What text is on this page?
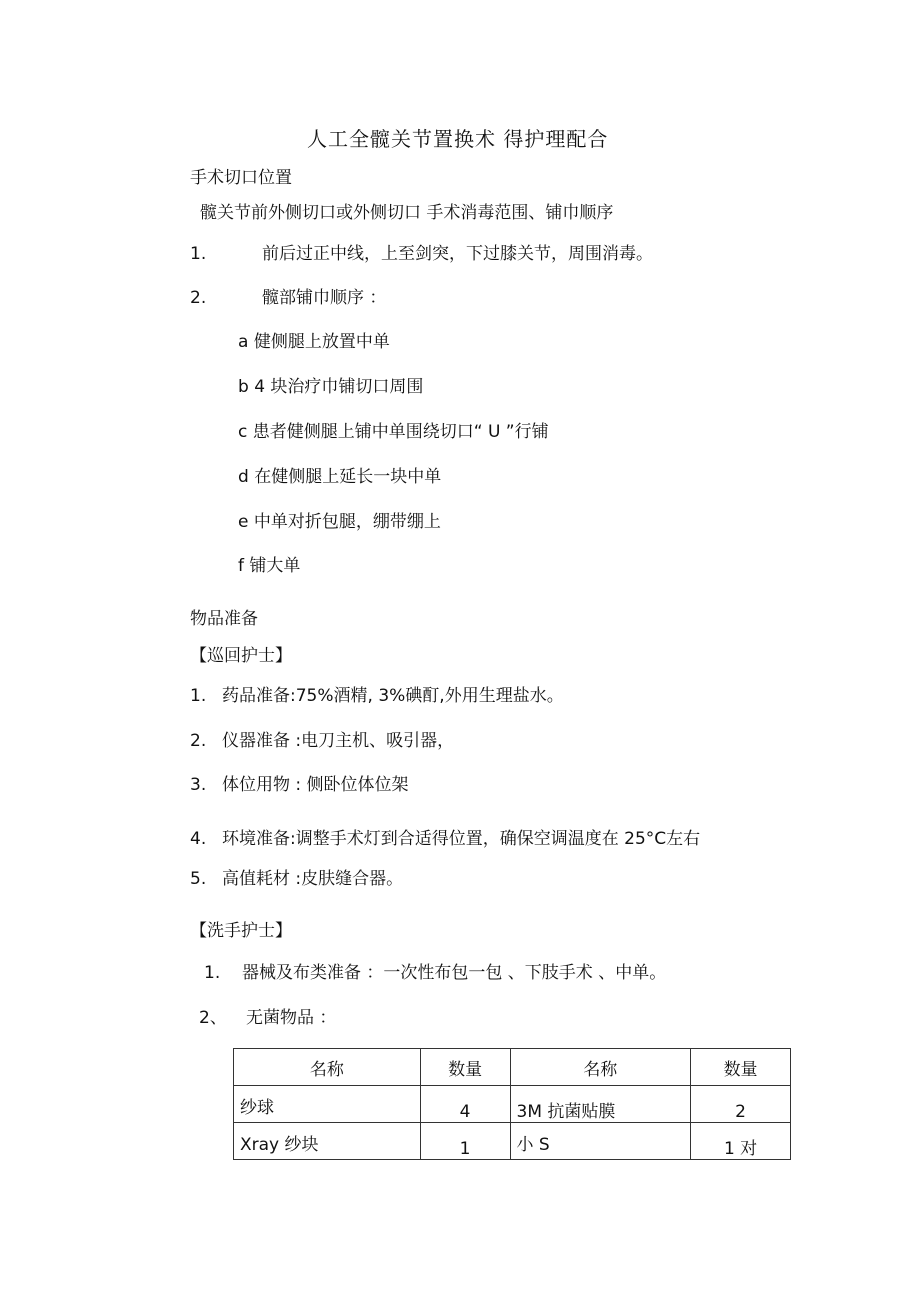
人工全髋关节置换术 得护理配合
手术切口位置
髋关节前外侧切口或外侧切口 手术消毒范围、铺巾顺序
1.	前后过正中线，上至剑突，下过膝关节，周围消毒。
2.	髋部铺巾顺序 ：
a 健侧腿上放置中单
b 4 块治疗巾铺切口周围
c 患者健侧腿上铺中单围绕切口“ U ”行铺
d 在健侧腿上延长一块中单
e 中单对折包腿，绷带绷上
f 铺大单
物品准备
【巡回护士】
1. 药品准备:75%酒精, 3%碘酊,外用生理盐水。
2. 仪器准备 :电刀主机、吸引器，
3. 体位用物 : 侧卧位体位架
4. 环境准备:调整手术灯到合适得位置，确保空调温度在 25°C左右
5. 高值耗材 :皮肤缝合器。
【洗手护士】
1. 器械及布类准备 ：一次性布包一包 、下肢手术 、中单。
2、 无菌物品 ：
名称	数量	名称	数量
纱球	4	3M 抗菌贴膜	2
Xray 纱块	1	小 S	1 对
